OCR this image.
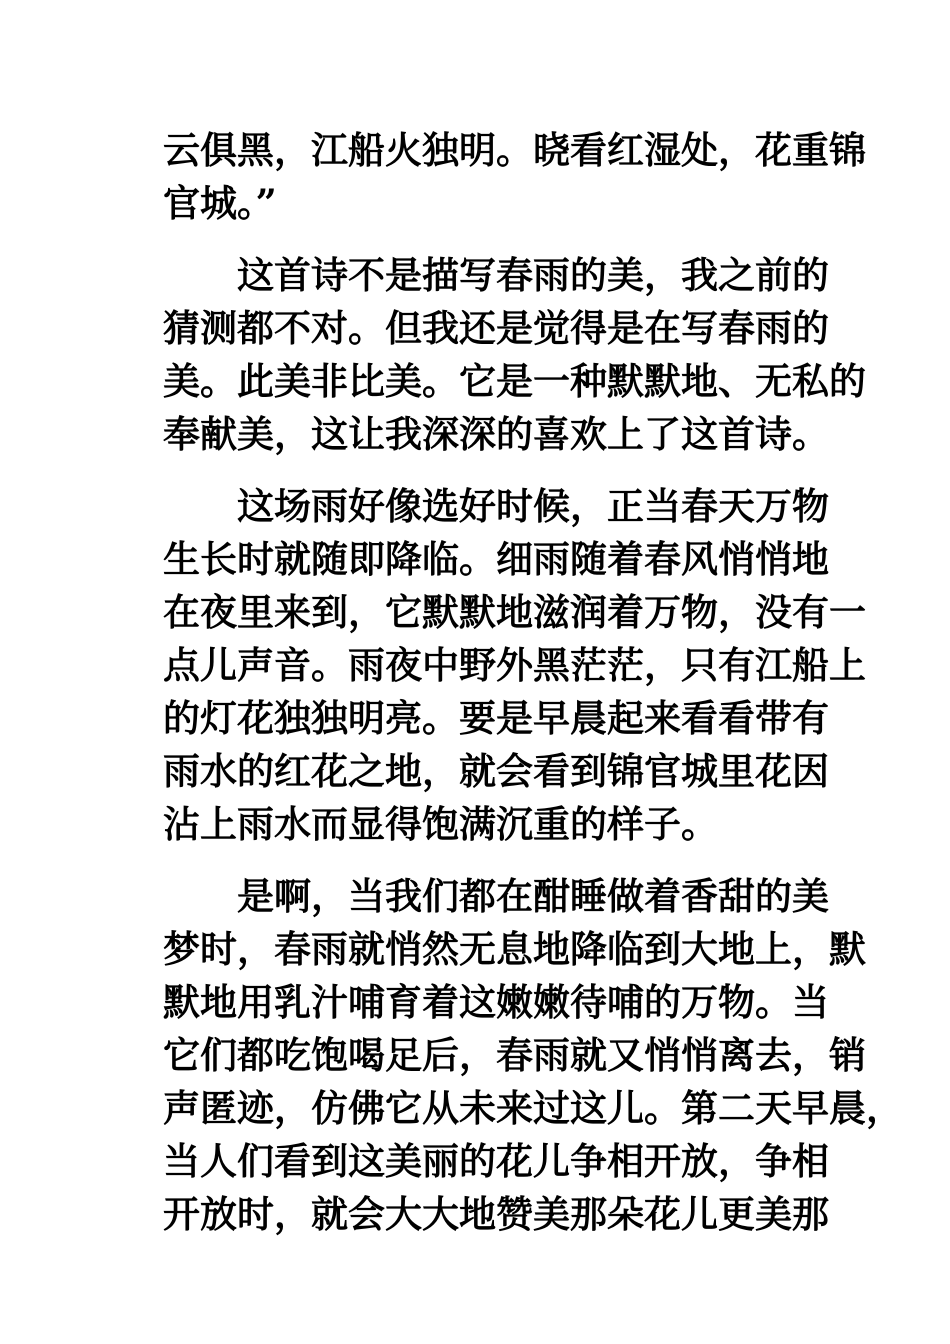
云俱黑，江船火独明。晓看红湿处，花重锦
官城。”
这首诗不是描写春雨的美，我之前的
猜测都不对。但我还是觉得是在写春雨的
美。此美非比美。它是一种默默地、无私的
奉献美，这让我深深的喜欢上了这首诗。
这场雨好像选好时候，正当春天万物
生长时就随即降临。细雨随着春风悄悄地
在夜里来到，它默默地滋润着万物，没有一
点儿声音。雨夜中野外黑茫茫，只有江船上
的灯花独独明亮。要是早晨起来看看带有
雨水的红花之地，就会看到锦官城里花因
沾上雨水而显得饱满沉重的样子。
是啊，当我们都在酣睡做着香甜的美
梦时，春雨就悄然无息地降临到大地上，默
默地用乳汁哺育着这嫩嫩待哺的万物。当
它们都吃饱喝足后，春雨就又悄悄离去，销
声匿迹，仿佛它从未来过这儿。第二天早晨，
当人们看到这美丽的花儿争相开放，争相
开放时，就会大大地赞美那朵花儿更美那
